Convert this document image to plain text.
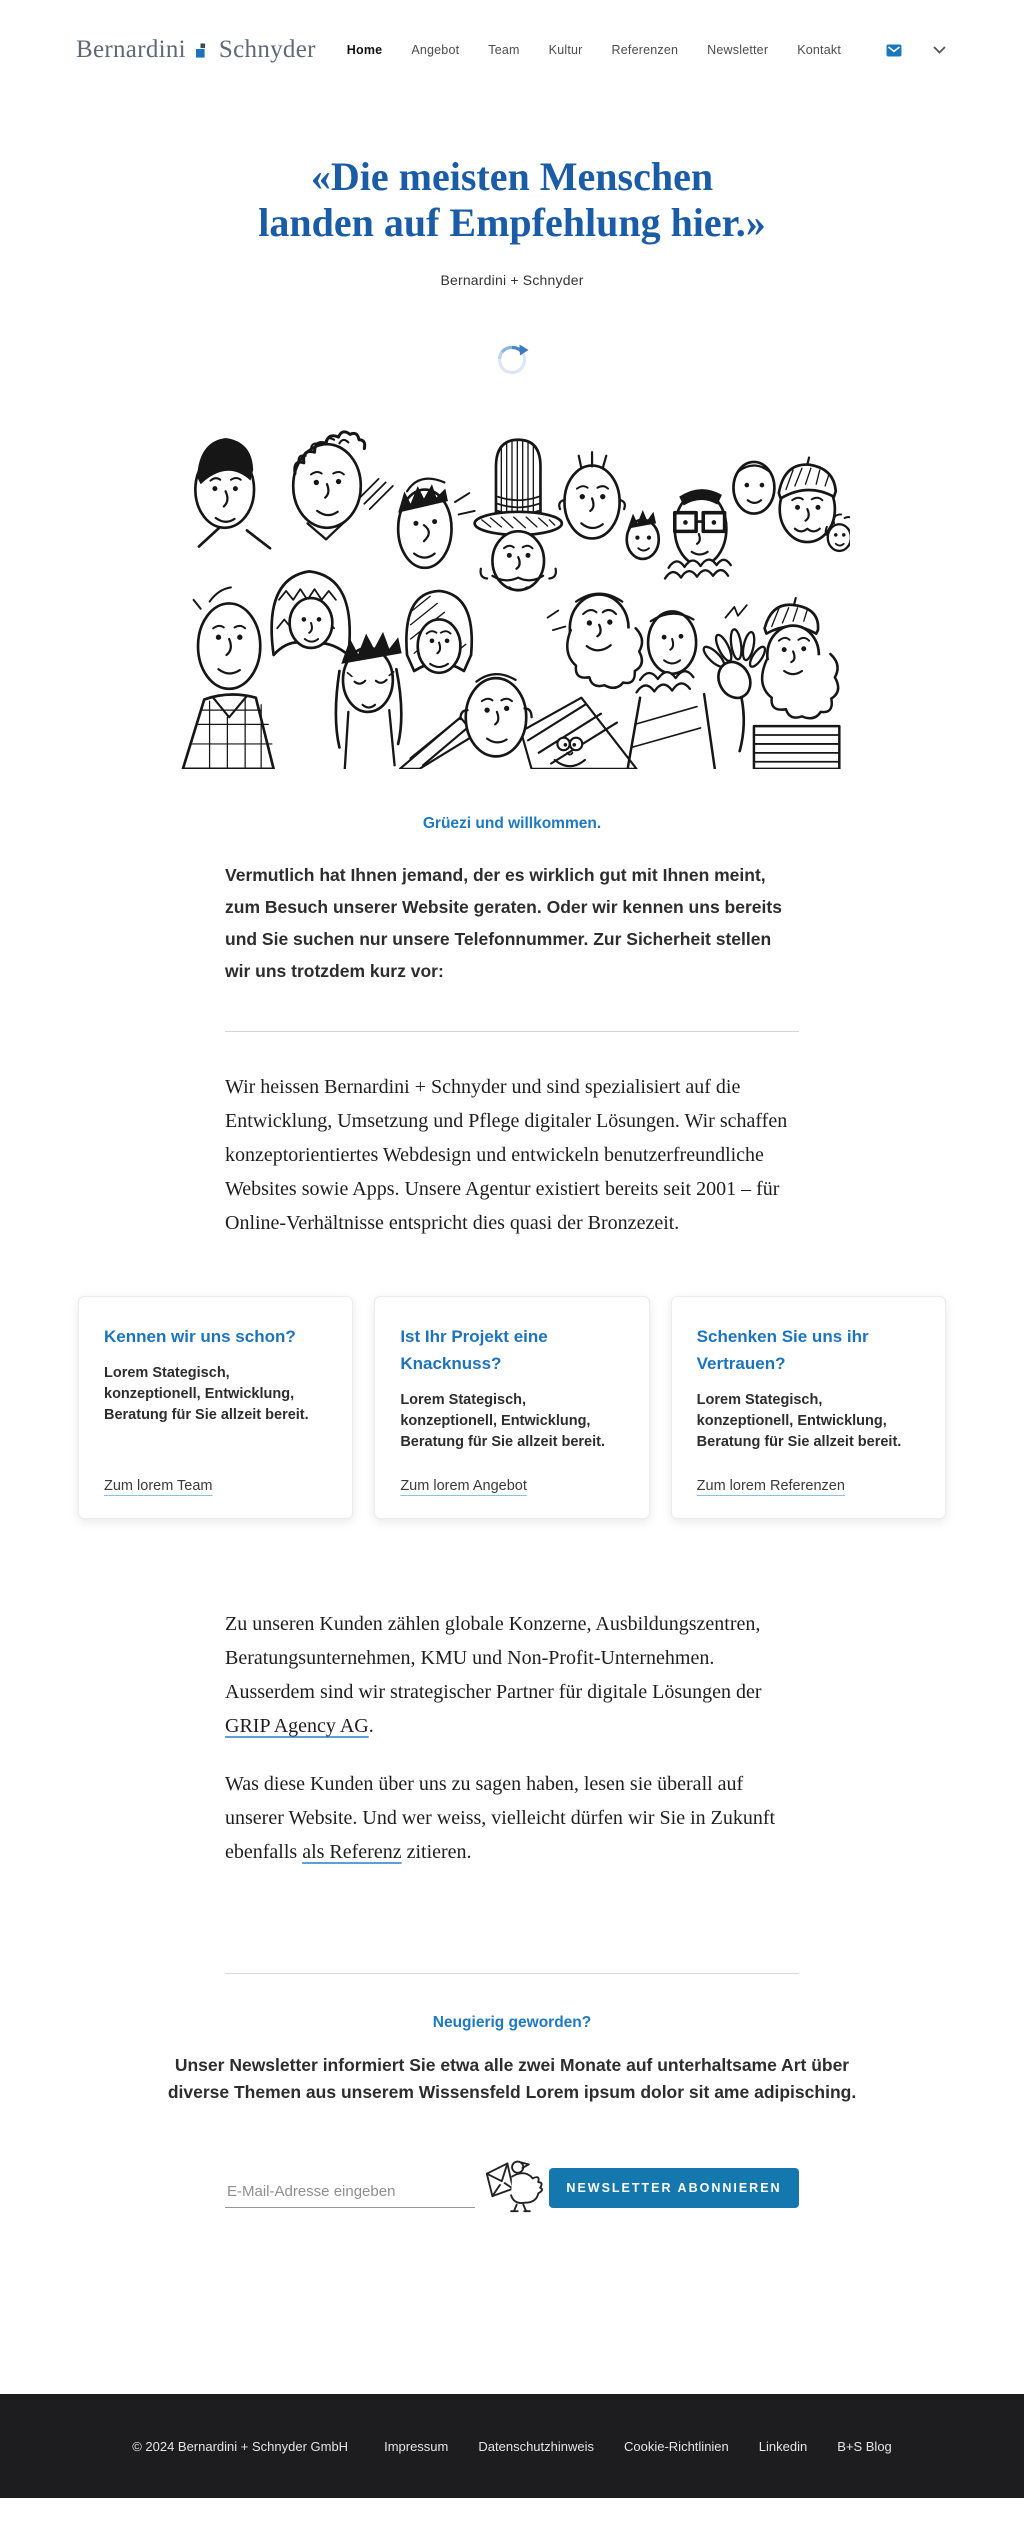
Bernardini Schnyder Home Angebot Team Kultur Referenzen Newsletter Kontakt
«Die meisten Menschen
landen auf Empfehlung hier.»
Bernardini + Schnyder
Grüezi und willkommen.

Vermutlich hat Ihnen jemand, der es wirklich gut mit Ihnen meint, zum Besuch unserer Website geraten. Oder wir kennen uns bereits und Sie suchen nur unsere Telefonnummer. Zur Sicherheit stellen wir uns trotzdem kurz vor:

Wir heissen Bernardini + Schnyder und sind spezialisiert auf die Entwicklung, Umsetzung und Pflege digitaler Lösungen. Wir schaffen konzeptorientiertes Webdesign und entwickeln benutzerfreundliche Websites sowie Apps. Unsere Agentur existiert bereits seit 2001 – für Online-Verhältnisse entspricht dies quasi der Bronzezeit.

Kennen wir uns schon?

Lorem Stategisch, konzeptionell, Entwicklung, Beratung für Sie allzeit bereit.

Zum lorem Team
Ist Ihr Projekt eine Knacknuss?

Lorem Stategisch, konzeptionell, Entwicklung, Beratung für Sie allzeit bereit.

Zum lorem Angebot
Schenken Sie uns ihr Vertrauen?

Lorem Stategisch, konzeptionell, Entwicklung, Beratung für Sie allzeit bereit.

Zum lorem Referenzen

Zu unseren Kunden zählen globale Konzerne, Ausbildungszentren, Beratungsunternehmen, KMU und Non-Profit-Unternehmen. Ausserdem sind wir strategischer Partner für digitale Lösungen der GRIP Agency AG.

Was diese Kunden über uns zu sagen haben, lesen sie überall auf unserer Website. Und wer weiss, vielleicht dürfen wir Sie in Zukunft ebenfalls als Referenz zitieren.

Neugierig geworden?

Unser Newsletter informiert Sie etwa alle zwei Monate auf unterhaltsame Art über diverse Themen aus unserem Wissensfeld Lorem ipsum dolor sit ame adipisching.

E-Mail-Adresse eingeben
NEWSLETTER ABONNIEREN
© 2024 Bernardini + Schnyder GmbH	Impressum Datenschutzhinweis Cookie-Richtlinien Linkedin B+S Blog
